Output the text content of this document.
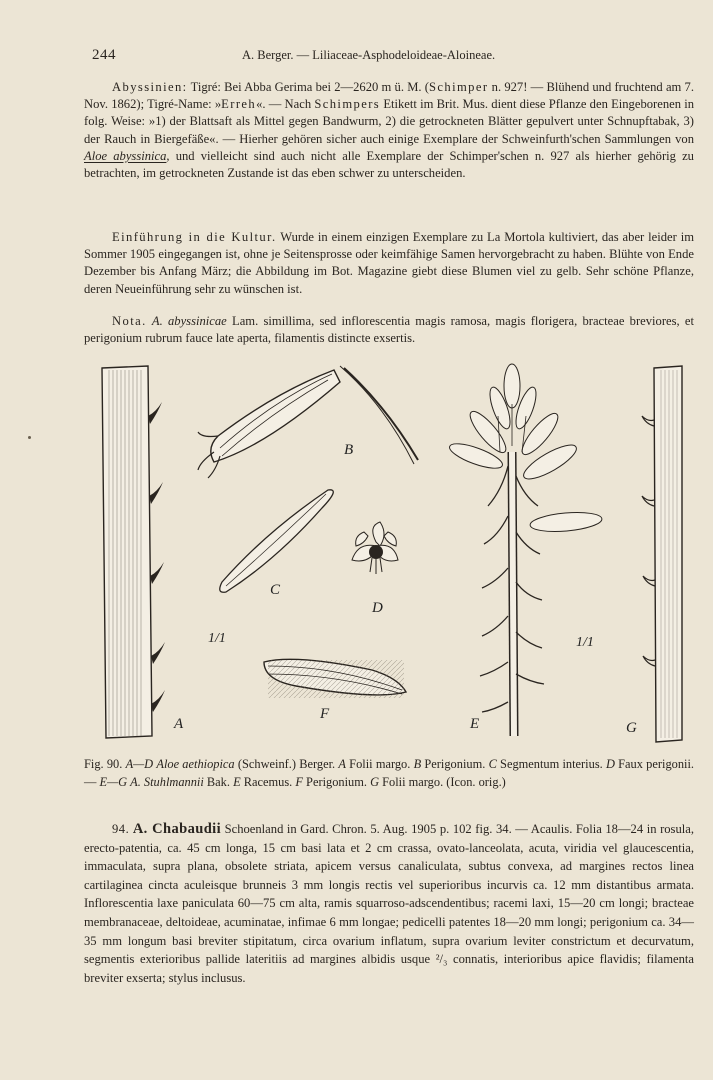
244	A. Berger. — Liliaceae-Asphodeloideae-Aloineae.

Abyssinien: Tigré: Bei Abba Gerima bei 2—2620 m ü. M. (Schimper n. 927! — Blühend und fruchtend am 7. Nov. 1862); Tigré-Name: »Erreh«. — Nach Schimpers Etikett im Brit. Mus. dient diese Pflanze den Eingeborenen in folg. Weise: »1) der Blattsaft als Mittel gegen Bandwurm, 2) die getrockneten Blätter gepulvert unter Schnupftabak, 3) der Rauch in Biergefäße«. — Hierher gehören sicher auch einige Exemplare der Schweinfurth'schen Sammlungen von Aloe abyssinica, und vielleicht sind auch nicht alle Exemplare der Schimper'schen n. 927 als hierher gehörig zu betrachten, im getrockneten Zustande ist das eben schwer zu unterscheiden.

Einführung in die Kultur. Wurde in einem einzigen Exemplare zu La Mortola kultiviert, das aber leider im Sommer 1905 eingegangen ist, ohne je Seitensprosse oder keimfähige Samen hervorgebracht zu haben. Blühte von Ende Dezember bis Anfang März; die Abbildung im Bot. Magazine giebt diese Blumen viel zu gelb. Sehr schöne Pflanze, deren Neueinführung sehr zu wünschen ist.

Nota. A. abyssinicae Lam. simillima, sed inflorescentia magis ramosa, magis florigera, bracteae breviores, et perigonium rubrum fauce late aperta, filamentis distincte exsertis.

A
B
C
D
F
E	G
1/1	1/1
Fig. 90. A—D Aloe aethiopica (Schweinf.) Berger. A Folii margo. B Perigonium. C Segmentum interius. D Faux perigonii. — E—G A. Stuhlmannii Bak. E Racemus. F Perigonium. G Folii margo. (Icon. orig.)

94. A. Chabaudii Schoenland in Gard. Chron. 5. Aug. 1905 p. 102 fig. 34. — Acaulis. Folia 18—24 in rosula, erecto-patentia, ca. 45 cm longa, 15 cm basi lata et 2 cm crassa, ovato-lanceolata, acuta, viridia vel glaucescentia, immaculata, supra plana, obsolete striata, apicem versus canaliculata, subtus convexa, ad margines rectos linea cartilaginea cincta aculeisque brunneis 3 mm longis rectis vel superioribus incurvis ca. 12 mm distantibus armata. Inflorescentia laxe paniculata 60—75 cm alta, ramis squarroso-adscendentibus; racemi laxi, 15—20 cm longi; bracteae membranaceae, deltoideae, acuminatae, infimae 6 mm longae; pedicelli patentes 18—20 mm longi; perigonium ca. 34—35 mm longum basi breviter stipitatum, circa ovarium inflatum, supra ovarium leviter constrictum et decurvatum, segmentis exterioribus pallide lateritiis ad margines albidis usque ²/₃ connatis, interioribus apice flavidis; filamenta breviter exserta; stylus inclusus.
